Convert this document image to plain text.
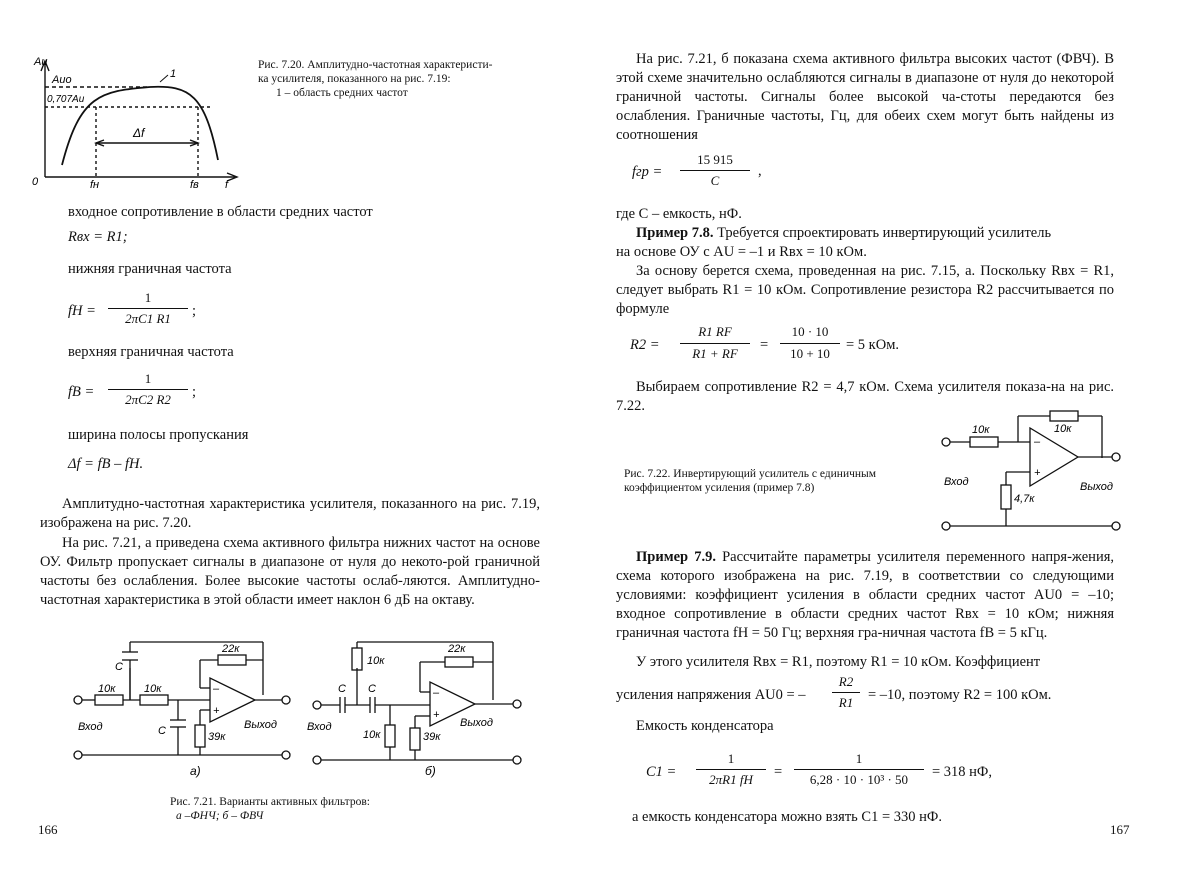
Au
Auo
0,707Au
1
Δf
0	fн	fв f
Рис. 7.20. Амплитудно-частотная характеристи-
ка усилителя, показанного на рис. 7.19:
1 – область средних частот
входное сопротивление в области средних частот
Rвх = R1;
нижняя граничная частота
fН =
1
2πC1 R1	;
верхняя граничная частота
fВ =
1
2πC2 R2	;
ширина полосы пропускания
Δf = fВ – fН.
Амплитудно-частотная характеристика усилителя, показанного на рис. 7.19, изображена на рис. 7.20.
На рис. 7.21, а приведена схема активного фильтра нижних частот на основе ОУ. Фильтр пропускает сигналы в диапазоне от нуля до некото-рой граничной частоты без ослабления. Более высокие частоты ослаб-ляются. Амплитудно-частотная характеристика в этой области имеет наклон 6 дБ на октаву.
C
10к	10к
22к
C	39к
–
+
Вход	Выход
а)
10к
C C
22к
10к	39к
–
+
Вход	Выход
б)
Рис. 7.21. Варианты активных фильтров:
а –ФНЧ; б – ФВЧ
166
На рис. 7.21, б показана схема активного фильтра высоких частот (ФВЧ). В этой схеме значительно ослабляются сигналы в диапазоне от нуля до некоторой граничной частоты. Сигналы более высокой ча-стоты передаются без ослабления. Граничные частоты, Гц, для обеих схем могут быть найдены из соотношения
fгр =
15 915
C
,
где C – емкость, нФ.
Пример 7.8. Требуется спроектировать инвертирующий усилитель
на основе ОУ с AU = –1 и Rвх = 10 кОм.
За основу берется схема, проведенная на рис. 7.15, а. Поскольку Rвх = R1, следует выбрать R1 = 10 кОм. Сопротивление резистора R2 рассчитывается по формуле
R2 =
R1 RF
R1 + RF
=
10 · 10
10 + 10
= 5 кОм.
Выбираем сопротивление R2 = 4,7 кОм. Схема усилителя показа-на на рис. 7.22.
Рис. 7.22. Инвертирующий усилитель с единичным
коэффициентом усиления (пример 7.8)
10к	10к
4,7к
–
+
Вход	Выход
Пример 7.9. Рассчитайте параметры усилителя переменного напря-жения, схема которого изображена на рис. 7.19, в соответствии со следующими условиями: коэффициент усиления в области средних частот AU0 = –10; входное сопротивление в области средних частот Rвх = 10 кОм; нижняя граничная частота fН = 50 Гц; верхняя гра-ничная частота fВ = 5 кГц.
У этого усилителя Rвх = R1, поэтому R1 = 10 кОм. Коэффициент
усиления напряжения AU0 = –
R2
R1	= –10, поэтому R2 = 100 кОм.
Емкость конденсатора
C1 =
1
2πR1 fН	=
1
6,28 · 10 · 10³ · 50	= 318 нФ,
а емкость конденсатора можно взять C1 = 330 нФ.
167
